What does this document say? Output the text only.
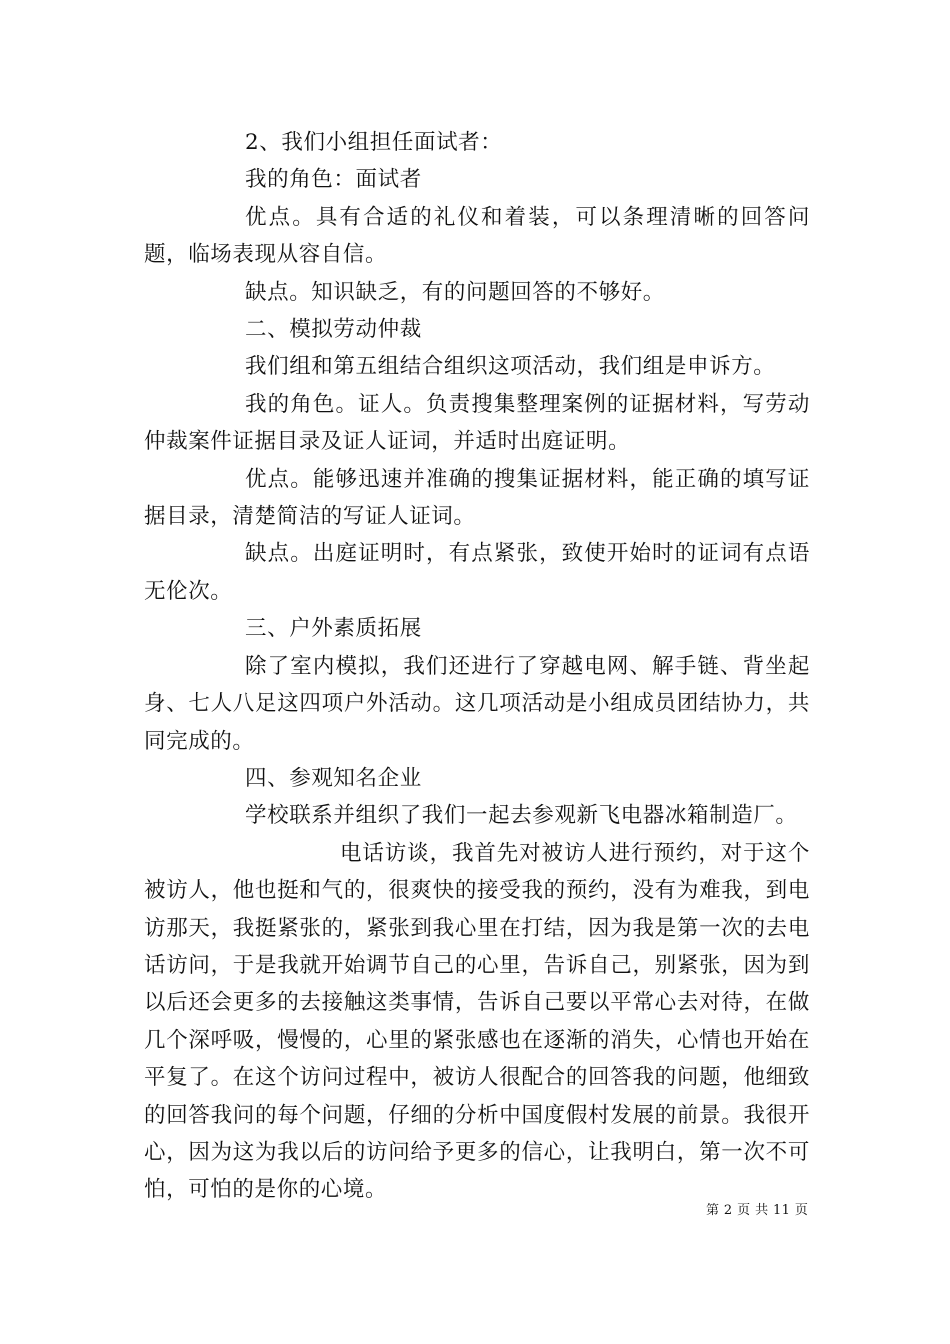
2、我们小组担任面试者：

我的角色：面试者

优点。具有合适的礼仪和着装，可以条理清晰的回答问题，临场表现从容自信。

缺点。知识缺乏，有的问题回答的不够好。

二、模拟劳动仲裁

我们组和第五组结合组织这项活动，我们组是申诉方。

我的角色。证人。负责搜集整理案例的证据材料，写劳动仲裁案件证据目录及证人证词，并适时出庭证明。

优点。能够迅速并准确的搜集证据材料，能正确的填写证据目录，清楚简洁的写证人证词。

缺点。出庭证明时，有点紧张，致使开始时的证词有点语无伦次。

三、户外素质拓展

除了室内模拟，我们还进行了穿越电网、解手链、背坐起身、七人八足这四项户外活动。这几项活动是小组成员团结协力，共同完成的。

四、参观知名企业

学校联系并组织了我们一起去参观新飞电器冰箱制造厂。

电话访谈，我首先对被访人进行预约，对于这个被访人，他也挺和气的，很爽快的接受我的预约，没有为难我，到电访那天，我挺紧张的，紧张到我心里在打结，因为我是第一次的去电话访问，于是我就开始调节自己的心里，告诉自己，别紧张，因为到以后还会更多的去接触这类事情，告诉自己要以平常心去对待，在做几个深呼吸，慢慢的，心里的紧张感也在逐渐的消失，心情也开始在平复了。在这个访问过程中，被访人很配合的回答我的问题，他细致的回答我问的每个问题，仔细的分析中国度假村发展的前景。我很开心，因为这为我以后的访问给予更多的信心，让我明白，第一次不可怕，可怕的是你的心境。

第 2 页 共 11 页
